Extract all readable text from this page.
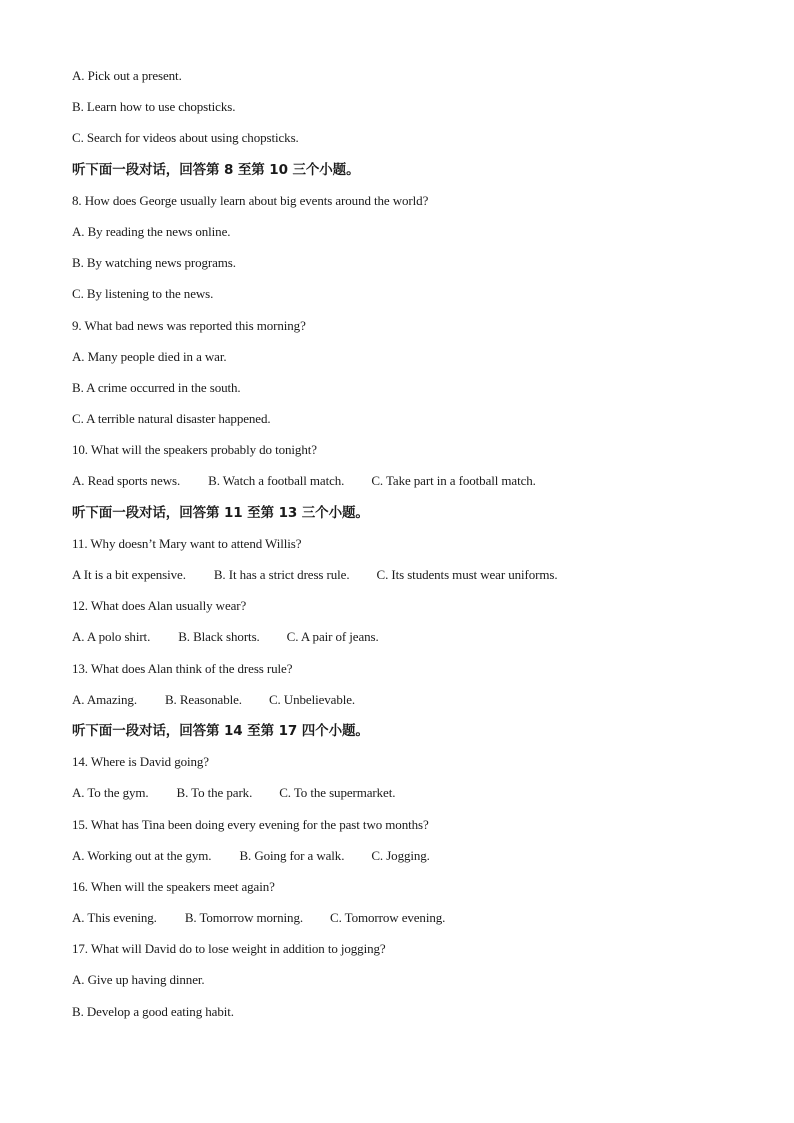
A. Pick out a present.
B. Learn how to use chopsticks.
C. Search for videos about using chopsticks.
听下面一段对话，回答第 8 至第 10 三个小题。
8. How does George usually learn about big events around the world?
A. By reading the news online.
B. By watching news programs.
C. By listening to the news.
9. What bad news was reported this morning?
A. Many people died in a war.
B. A crime occurred in the south.
C. A terrible natural disaster happened.
10. What will the speakers probably do tonight?
A. Read sports news. B. Watch a football match. C. Take part in a football match.
听下面一段对话，回答第 11 至第 13 三个小题。
11. Why doesn’t Mary want to attend Willis?
A It is a bit expensive. B. It has a strict dress rule. C. Its students must wear uniforms.
12. What does Alan usually wear?
A. A polo shirt. B. Black shorts. C. A pair of jeans.
13. What does Alan think of the dress rule?
A. Amazing. B. Reasonable. C. Unbelievable.
听下面一段对话，回答第 14 至第 17 四个小题。
14. Where is David going?
A. To the gym. B. To the park. C. To the supermarket.
15. What has Tina been doing every evening for the past two months?
A. Working out at the gym. B. Going for a walk. C. Jogging.
16. When will the speakers meet again?
A. This evening. B. Tomorrow morning. C. Tomorrow evening.
17. What will David do to lose weight in addition to jogging?
A. Give up having dinner.
B. Develop a good eating habit.
